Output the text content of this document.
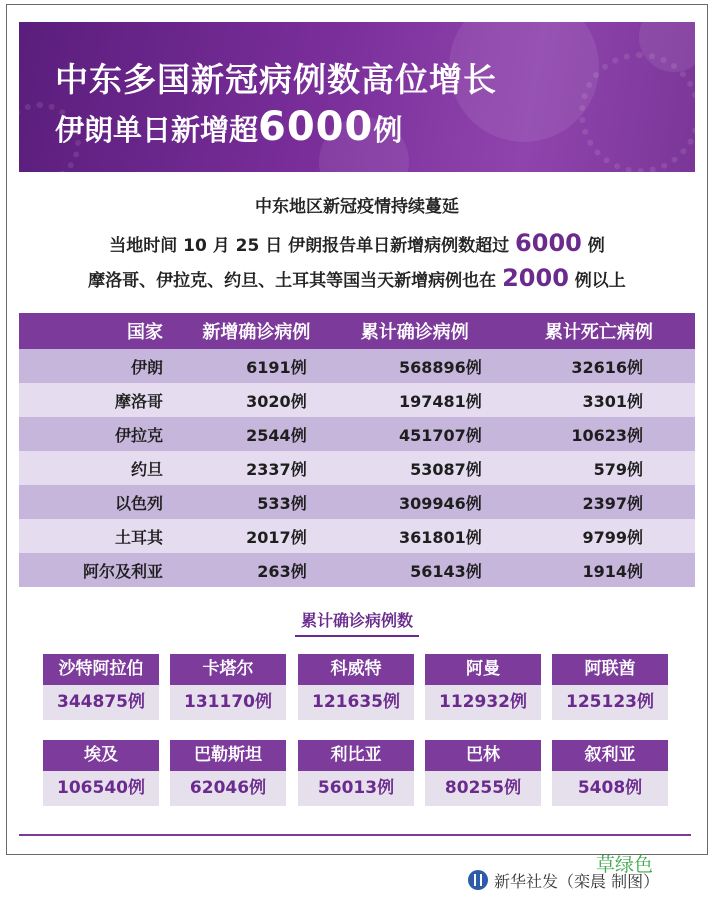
中东多国新冠病例数高位增长
伊朗单日新增超6000例
中东地区新冠疫情持续蔓延
当地时间 10 月 25 日 伊朗报告单日新增病例数超过 6000 例
摩洛哥、伊拉克、约旦、土耳其等国当天新增病例也在 2000 例以上
国家	新增确诊病例	累计确诊病例	累计死亡病例
伊朗	6191例	568896例	32616例
摩洛哥	3020例	197481例	3301例
伊拉克	2544例	451707例	10623例
约旦	2337例	53087例	579例
以色列	533例	309946例	2397例
土耳其	2017例	361801例	9799例
阿尔及利亚	263例	56143例	1914例
累计确诊病例数
沙特阿拉伯
344875例
卡塔尔
131170例
科威特
121635例
阿曼
112932例
阿联酋
125123例
埃及
106540例
巴勒斯坦
62046例
利比亚
56013例
巴林
80255例
叙利亚
5408例
新华社发（栾晨 制图）
草绿色
